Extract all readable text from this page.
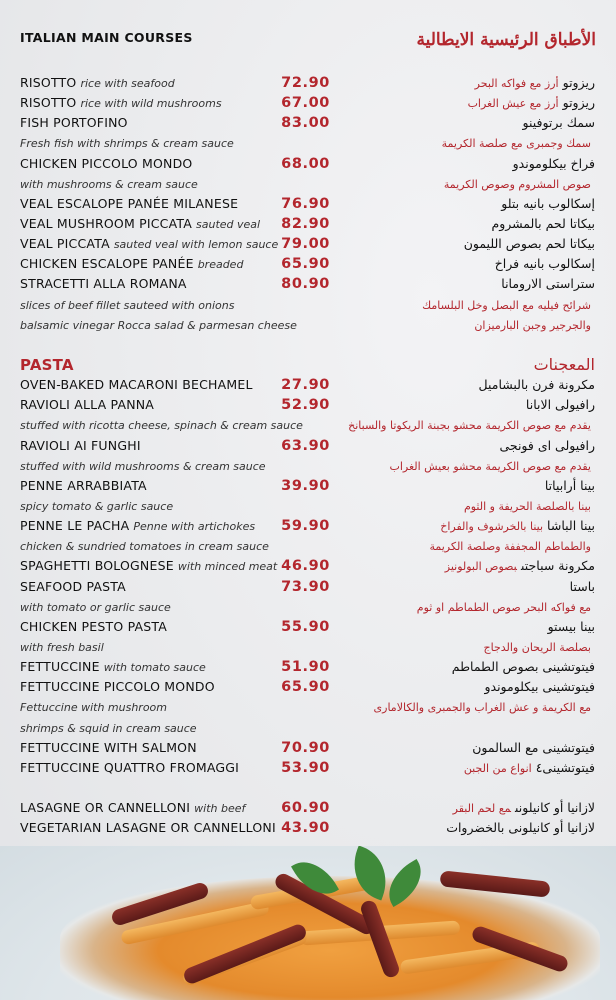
ITALIAN MAIN COURSES	الأطباق الرئيسية الايطالية
RISOTTO rice with seafood	72.90	ريزوتوأرز مع فواكه البحر
RISOTTO rice with wild mushrooms	67.00	ريزوتوأرز مع عيش الغراب
FISH PORTOFINO	83.00	سمك برتوفينو
Fresh fish with shrimps & cream sauce	سمك وجمبرى مع صلصة الكريمة
CHICKEN PICCOLO MONDO	68.00	فراخ بيكلوموندو
with mushrooms & cream sauce	صوص المشروم وصوص الكريمة
VEAL ESCALOPE PANÉE MILANESE	76.90	إسكالوب بانيه بتلو
VEAL MUSHROOM PICCATA sauted veal 82.90	بيكاتا لحم بالمشروم
VEAL PICCATA sauted veal with lemon sauce 79.00	بيكاتا لحم بصوص الليمون
CHICKEN ESCALOPE PANÉE breaded	65.90	إسكالوب بانيه فراخ
STRACETTI ALLA ROMANA	80.90	ستراستى الارومانا
slices of beef fillet sauteed with onions	شرائح فيليه مع البصل وخل البلسامك
balsamic vinegar Rocca salad & parmesan cheese	والجرجير وجبن البارميزان
PASTA	المعجنات
OVEN-BAKED MACARONI BECHAMEL 27.90	مكرونة فرن بالبشاميل
RAVIOLI ALLA PANNA	52.90	رافيولى الابانا
stuffed with ricotta cheese, spinach & cream sauce	يقدم مع صوص الكريمة محشو بجبنة الريكوتا والسبانخ
RAVIOLI AI FUNGHI	63.90	رافيولى اى فونجى
stuffed with wild mushrooms & cream sauce	يقدم مع صوص الكريمة محشو بعيش الغراب
PENNE ARRABBIATA	39.90	بينا أرابياتا
spicy tomato & garlic sauce	بينا بالصلصة الحريفة و الثوم
PENNE LE PACHA Penne with artichokes 59.90	بينا الباشابينا بالخرشوف والفراخ
chicken & sundried tomatoes in cream sauce	والطماطم المجففة وصلصة الكريمة
SPAGHETTI BOLOGNESE with minced meat 46.90	مكرونة سباجتىبصوص البولونيز
SEAFOOD PASTA	73.90	باستا
with tomato or garlic sauce	مع فواكه البحر صوص الطماطم او ثوم
CHICKEN PESTO PASTA	55.90	بينا بيستو
with fresh basil	بصلصة الريحان والدجاج
FETTUCCINE with tomato sauce	51.90	فيتوتشينى بصوص الطماطم
FETTUCCINE PICCOLO MONDO	65.90	فيتوتشينى بيكلوموندو
Fettuccine with mushroom	مع الكريمة و عش الغراب والجمبرى والكالامارى
shrimps & squid in cream sauce
FETTUCCINE WITH SALMON	70.90	فيتوتشينى مع السالمون
FETTUCCINE QUATTRO FROMAGGI	53.90	فيتوتشينى٤انواع من الجبن
LASAGNE OR CANNELLONI with beef 60.90	لازانيا أو كانيلونىمع لحم البقر
VEGETARIAN LASAGNE OR CANNELLONI 43.90	لازانيا أو كانيلونى بالخضروات
